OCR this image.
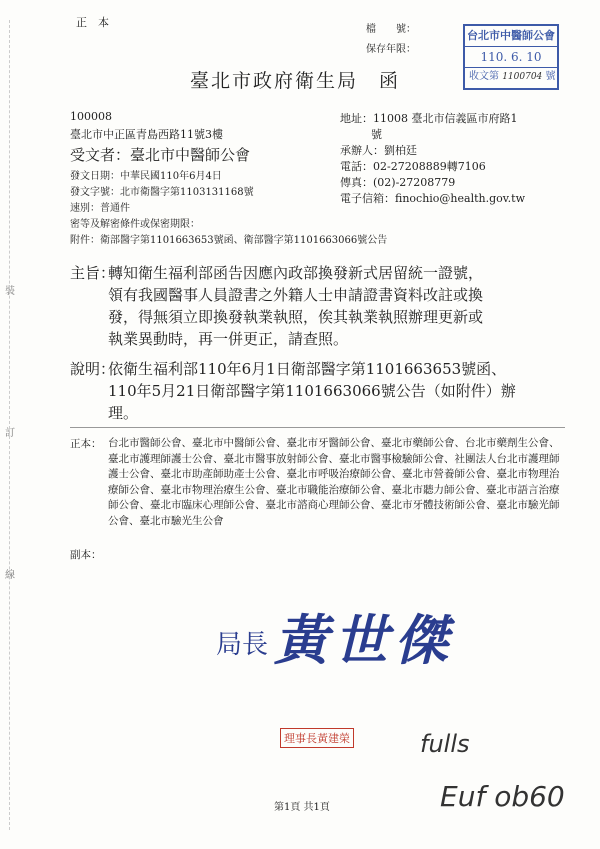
正　本
檔　　號：
保存年限：
台北市中醫師公會
110. 6. 10
收文第 1100704 號
臺北市政府衛生局　函
100008
臺北市中正區青島西路11號3樓
地址：11008 臺北市信義區市府路1
號
承辦人：劉柏廷
電話：02-27208889轉7106
傳真：(02)-27208779
電子信箱：finochio@health.gov.tw
受文者：臺北市中醫師公會
發文日期：中華民國110年6月4日
發文字號：北市衛醫字第1103131168號
速別：普通件
密等及解密條件或保密期限：
附件：衛部醫字第1101663653號函、衛部醫字第1101663066號公告
主旨：
轉知衛生福利部函告因應內政部換發新式居留統一證號，
領有我國醫事人員證書之外籍人士申請證書資料改註或換
發，得無須立即換發執業執照，俟其執業執照辦理更新或
執業異動時，再一併更正，請查照。
說明：
依衛生福利部110年6月1日衛部醫字第1101663653號函、
110年5月21日衛部醫字第1101663066號公告（如附件）辦
理。
正本： 台北市醫師公會、臺北市中醫師公會、臺北市牙醫師公會、臺北市藥師公會、台北市藥劑生公會、臺北市護理師護士公會、臺北市醫事放射師公會、臺北市醫事檢驗師公會、社團法人台北市護理師護士公會、臺北市助產師助產士公會、臺北市呼吸治療師公會、臺北市營養師公會、臺北市物理治療師公會、臺北市物理治療生公會、臺北市職能治療師公會、臺北市聽力師公會、臺北市語言治療師公會、臺北市臨床心理師公會、臺北市諮商心理師公會、臺北市牙體技術師公會、臺北市驗光師公會、臺北市驗光生公會
副本：
局長 黃世傑
理事長黃建榮	fulls
Euf ob60
第1頁 共1頁
裝
訂
線
